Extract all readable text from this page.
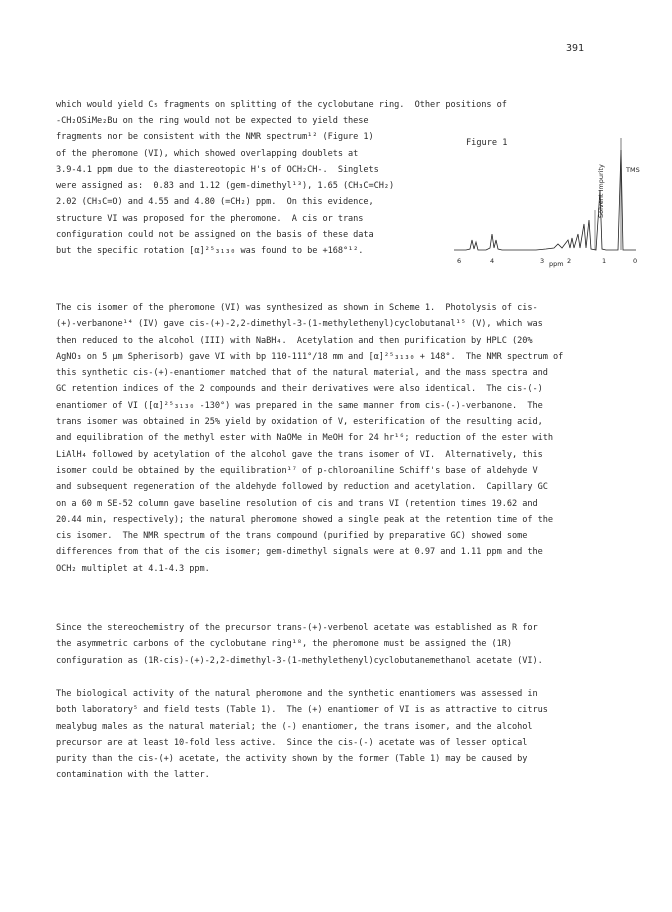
391
which would yield C₅ fragments on splitting of the cyclobutane ring.  Other positions of
-CH₂OSiMe₂Bu on the ring would not be expected to yield these
fragments nor be consistent with the NMR spectrum¹² (Figure 1)
of the pheromone (VI), which showed overlapping doublets at
3.9-4.1 ppm due to the diastereotopic H's of OCH₂CH-.  Singlets
were assigned as:  0.83 and 1.12 (gem-dimethyl¹³), 1.65 (CH₃C=CH₂)
2.02 (CH₃C=O) and 4.55 and 4.80 (=CH₂) ppm.  On this evidence,
structure VI was proposed for the pheromone.  A cis or trans
configuration could not be assigned on the basis of these data
but the specific rotation [α]²⁵₃₁₃₀ was found to be +168°¹².
Figure 1
TMS
Solvent Impurity
6	4	3	2	1	0
ppm
The cis isomer of the pheromone (VI) was synthesized as shown in Scheme 1.  Photolysis of cis-
(+)-verbanone¹⁴ (IV) gave cis-(+)-2,2-dimethyl-3-(1-methylethenyl)cyclobutanal¹⁵ (V), which was
then reduced to the alcohol (III) with NaBH₄.  Acetylation and then purification by HPLC (20%
AgNO₃ on 5 μm Spherisorb) gave VI with bp 110-111°/18 mm and [α]²⁵₃₁₃₀ + 148°.  The NMR spectrum of
this synthetic cis-(+)-enantiomer matched that of the natural material, and the mass spectra and
GC retention indices of the 2 compounds and their derivatives were also identical.  The cis-(-)
enantiomer of VI ([α]²⁵₃₁₃₀ -130°) was prepared in the same manner from cis-(-)-verbanone.  The
trans isomer was obtained in 25% yield by oxidation of V, esterification of the resulting acid,
and equilibration of the methyl ester with NaOMe in MeOH for 24 hr¹⁶; reduction of the ester with
LiAlH₄ followed by acetylation of the alcohol gave the trans isomer of VI.  Alternatively, this
isomer could be obtained by the equilibration¹⁷ of p-chloroaniline Schiff's base of aldehyde V
and subsequent regeneration of the aldehyde followed by reduction and acetylation.  Capillary GC
on a 60 m SE-52 column gave baseline resolution of cis and trans VI (retention times 19.62 and
20.44 min, respectively); the natural pheromone showed a single peak at the retention time of the
cis isomer.  The NMR spectrum of the trans compound (purified by preparative GC) showed some
differences from that of the cis isomer; gem-dimethyl signals were at 0.97 and 1.11 ppm and the
OCH₂ multiplet at 4.1-4.3 ppm.
Since the stereochemistry of the precursor trans-(+)-verbenol acetate was established as R for
the asymmetric carbons of the cyclobutane ring¹⁸, the pheromone must be assigned the (1R)
configuration as (1R-cis)-(+)-2,2-dimethyl-3-(1-methylethenyl)cyclobutanemethanol acetate (VI).
The biological activity of the natural pheromone and the synthetic enantiomers was assessed in
both laboratory⁵ and field tests (Table 1).  The (+) enantiomer of VI is as attractive to citrus
mealybug males as the natural material; the (-) enantiomer, the trans isomer, and the alcohol
precursor are at least 10-fold less active.  Since the cis-(-) acetate was of lesser optical
purity than the cis-(+) acetate, the activity shown by the former (Table 1) may be caused by
contamination with the latter.
